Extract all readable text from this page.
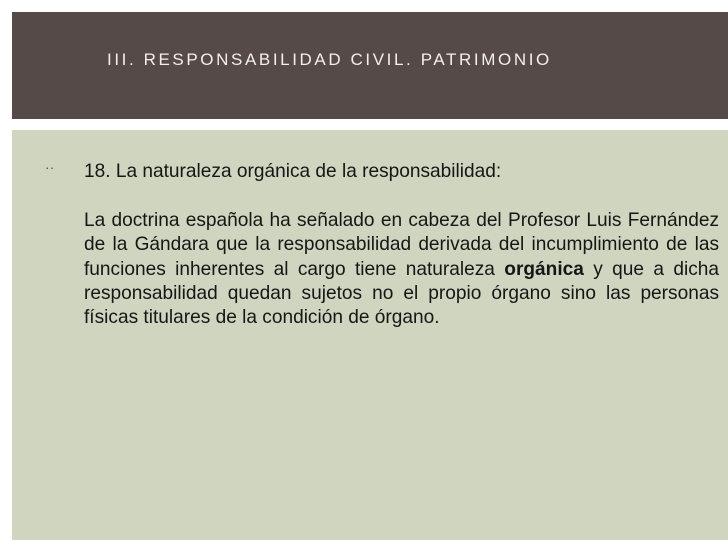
III. RESPONSABILIDAD CIVIL. PATRIMONIO
·· 18. La naturaleza orgánica de la responsabilidad:

La doctrina española ha señalado en cabeza del Profesor Luis Fernández de la Gándara que la responsabilidad derivada del incumplimiento de las funciones inherentes al cargo tiene naturaleza orgánica y que a dicha responsabilidad quedan sujetos no el propio órgano sino las personas físicas titulares de la condición de órgano.
